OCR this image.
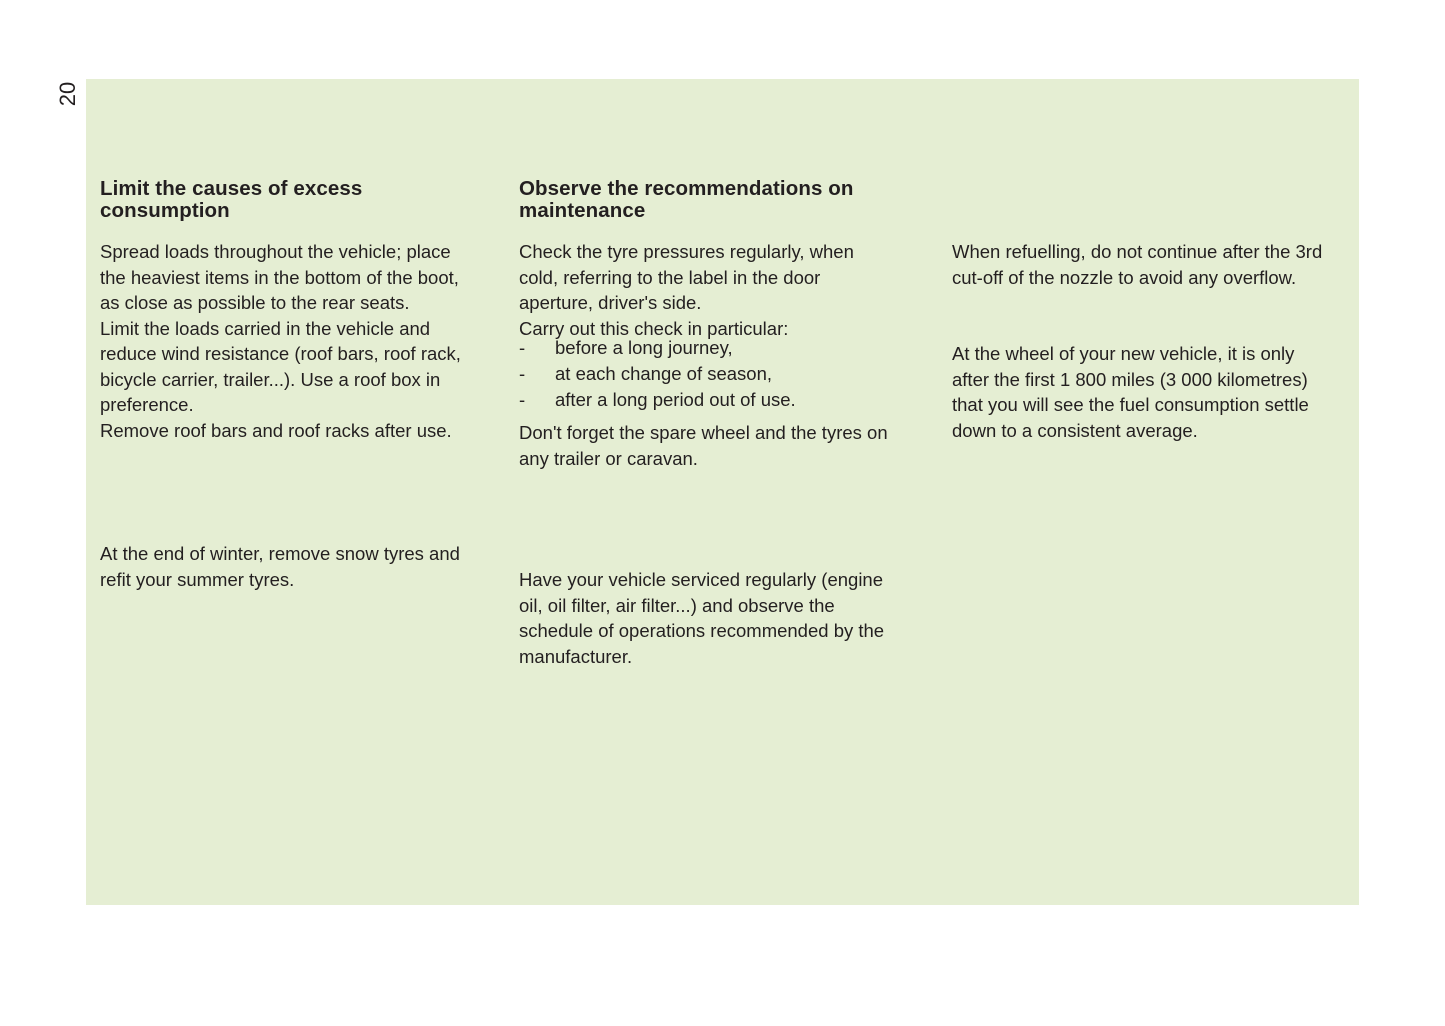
20
Limit the causes of excess
consumption

Spread loads throughout the vehicle; place
the heaviest items in the bottom of the boot,
as close as possible to the rear seats.
Limit the loads carried in the vehicle and
reduce wind resistance (roof bars, roof rack,
bicycle carrier, trailer...). Use a roof box in
preference.
Remove roof bars and roof racks after use.

At the end of winter, remove snow tyres and
refit your summer tyres.

Observe the recommendations on
maintenance

Check the tyre pressures regularly, when
cold, referring to the label in the door
aperture, driver's side.
Carry out this check in particular:

- before a long journey,
- at each change of season,
- after a long period out of use.

Don't forget the spare wheel and the tyres on
any trailer or caravan.

Have your vehicle serviced regularly (engine
oil, oil filter, air filter...) and observe the
schedule of operations recommended by the
manufacturer.

When refuelling, do not continue after the 3rd
cut-off of the nozzle to avoid any overflow.

At the wheel of your new vehicle, it is only
after the first 1 800 miles (3 000 kilometres)
that you will see the fuel consumption settle
down to a consistent average.
